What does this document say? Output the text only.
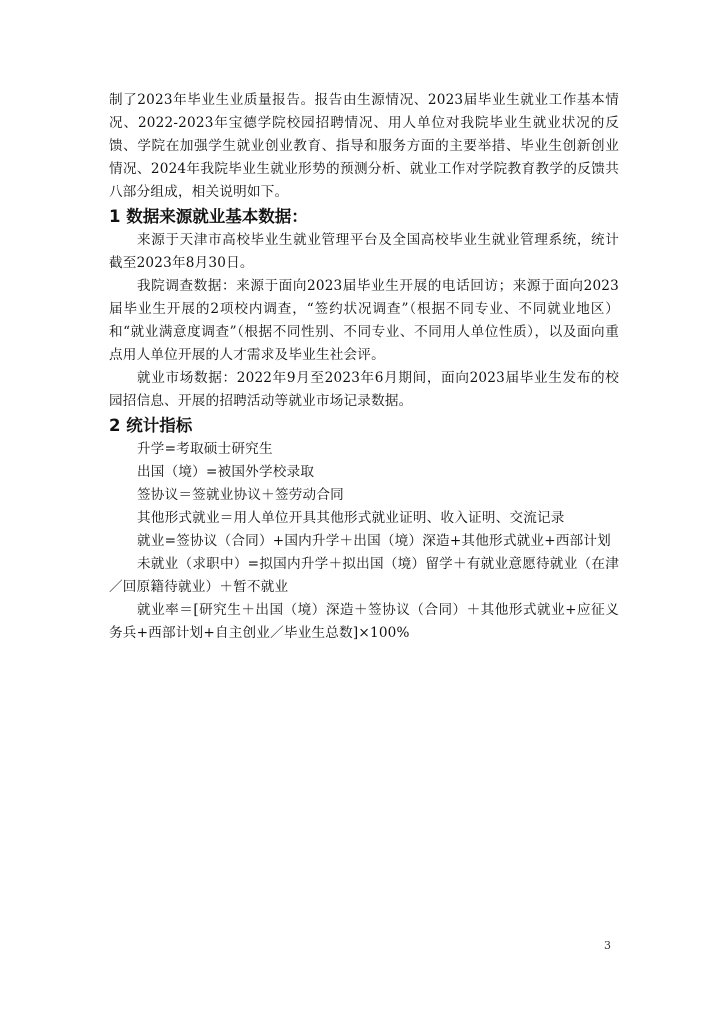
制了2023年毕业生业质量报告。报告由生源情况、2023届毕业生就业工作基本情况、2022-2023年宝德学院校园招聘情况、用人单位对我院毕业生就业状况的反馈、学院在加强学生就业创业教育、指导和服务方面的主要举措、毕业生创新创业情况、2024年我院毕业生就业形势的预测分析、就业工作对学院教育教学的反馈共八部分组成，相关说明如下。

1 数据来源就业基本数据：

来源于天津市高校毕业生就业管理平台及全国高校毕业生就业管理系统，统计截至2023年8月30日。

我院调查数据：来源于面向2023届毕业生开展的电话回访；来源于面向2023届毕业生开展的2项校内调查，“签约状况调查”（根据不同专业、不同就业地区）和“就业满意度调查”（根据不同性别、不同专业、不同用人单位性质），以及面向重点用人单位开展的人才需求及毕业生社会评。

就业市场数据：2022年9月至2023年6月期间，面向2023届毕业生发布的校园招信息、开展的招聘活动等就业市场记录数据。

2 统计指标

升学=考取硕士研究生

出国（境）=被国外学校录取

签协议＝签就业协议＋签劳动合同

其他形式就业＝用人单位开具其他形式就业证明、收入证明、交流记录

就业=签协议（合同）+国内升学＋出国（境）深造+其他形式就业+西部计划

未就业（求职中）=拟国内升学＋拟出国（境）留学＋有就业意愿待就业（在津／回原籍待就业）＋暂不就业

就业率＝[研究生＋出国（境）深造＋签协议（合同）＋其他形式就业+应征义务兵+西部计划+自主创业／毕业生总数]×100%

3
